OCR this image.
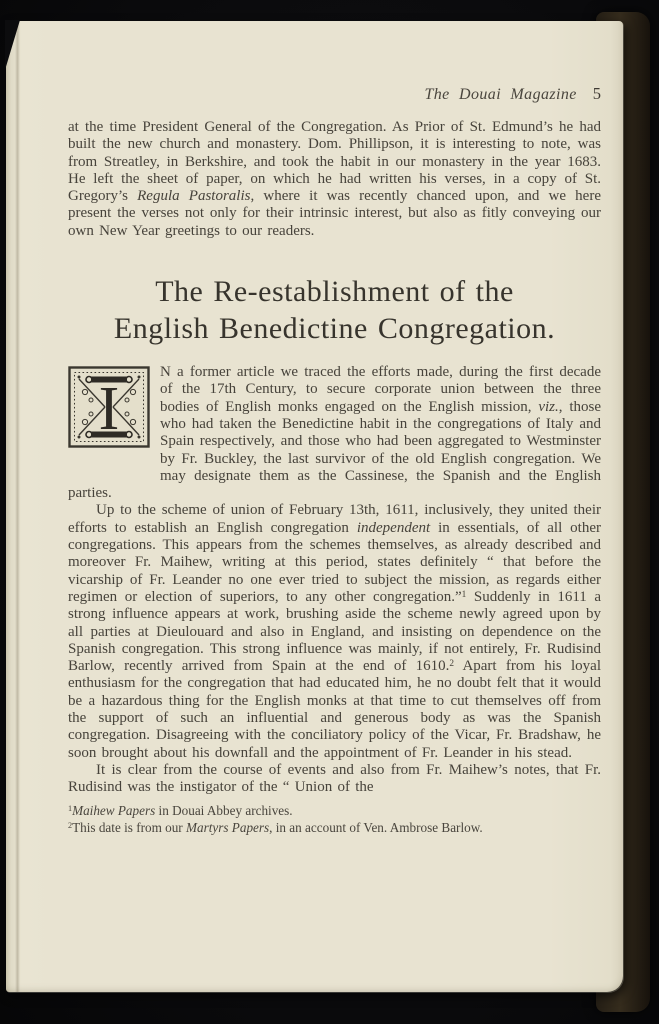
The Douai Magazine 5

at the time President General of the Congregation. As Prior of St. Edmund’s he had built the new church and monastery. Dom. Phillipson, it is interesting to note, was from Streatley, in Berkshire, and took the habit in our monastery in the year 1683. He left the sheet of paper, on which he had written his verses, in a copy of St. Gregory’s Regula Pastoralis, where it was recently chanced upon, and we here present the verses not only for their intrinsic interest, but also as fitly conveying our own New Year greetings to our readers.

The Re-establishment of the
English Benedictine Congregation.

I
N a former article we traced the efforts made, during the first decade of the 17th Century, to secure corporate union between the three bodies of English monks engaged on the English mission, viz., those who had taken the Benedictine habit in the congregations of Italy and Spain respectively, and those who had been aggregated to Westminster by Fr. Buckley, the last survivor of the old English congregation. We may designate them as the Cassinese, the Spanish and the English parties.

Up to the scheme of union of February 13th, 1611, inclusively, they united their efforts to establish an English congregation independent in essentials, of all other congregations. This appears from the schemes themselves, as already described and moreover Fr. Maihew, writing at this period, states definitely “ that before the vicarship of Fr. Leander no one ever tried to subject the mission, as regards either regimen or election of superiors, to any other congregation.”$^1$ Suddenly in 1611 a strong influence appears at work, brushing aside the scheme newly agreed upon by all parties at Dieulouard and also in England, and insisting on dependence on the Spanish congregation. This strong influence was mainly, if not entirely, Fr. Rudisind Barlow, recently arrived from Spain at the end of 1610.$^2$ Apart from his loyal enthusiasm for the congregation that had educated him, he no doubt felt that it would be a hazardous thing for the English monks at that time to cut themselves off from the support of such an influential and generous body as was the Spanish congregation. Disagreeing with the conciliatory policy of the Vicar, Fr. Bradshaw, he soon brought about his downfall and the appointment of Fr. Leander in his stead.

It is clear from the course of events and also from Fr. Maihew’s notes, that Fr. Rudisind was the instigator of the “ Union of the

$^1$Maihew Papers in Douai Abbey archives.

$^2$This date is from our Martyrs Papers, in an account of Ven. Ambrose Barlow.
